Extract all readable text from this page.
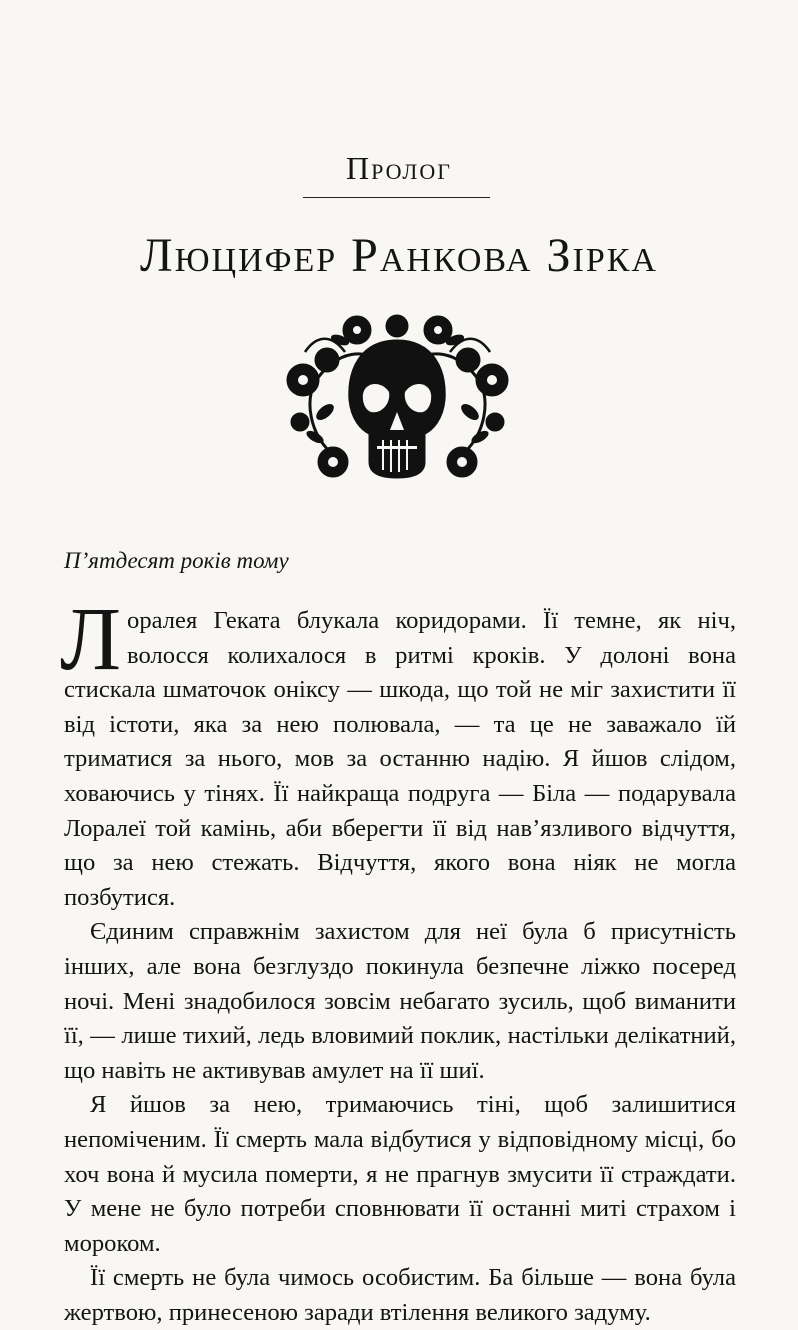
Пролог
Люцифер Ранкова Зірка
П’ятдесят років тому

Лоралея Геката блукала коридорами. Її темне, як ніч, волосся колихалося в ритмі кроків. У долоні вона стискала шматочок оніксу — шкода, що той не міг захистити її від істоти, яка за нею полювала, — та це не заважало їй триматися за нього, мов за останню надію. Я йшов слідом, ховаючись у тінях. Її найкраща подруга — Біла — подарувала Лоралеї той камінь, аби вберегти її від нав’язливого відчуття, що за нею стежать. Відчуття, якого вона ніяк не могла позбутися.

Єдиним справжнім захистом для неї була б присутність інших, але вона безглуздо покинула безпечне ліжко посеред ночі. Мені знадобилося зовсім небагато зусиль, щоб виманити її, — лише тихий, ледь вловимий поклик, настільки делікатний, що навіть не активував амулет на її шиї.

Я йшов за нею, тримаючись тіні, щоб залишитися непоміченим. Її смерть мала відбутися у відповідному місці, бо хоч вона й мусила померти, я не прагнув змусити її страждати. У мене не було потреби сповнювати її останні миті страхом і мороком.

Її смерть не була чимось особистим. Ба більше — вона була жертвою, принесеною заради втілення великого задуму.
